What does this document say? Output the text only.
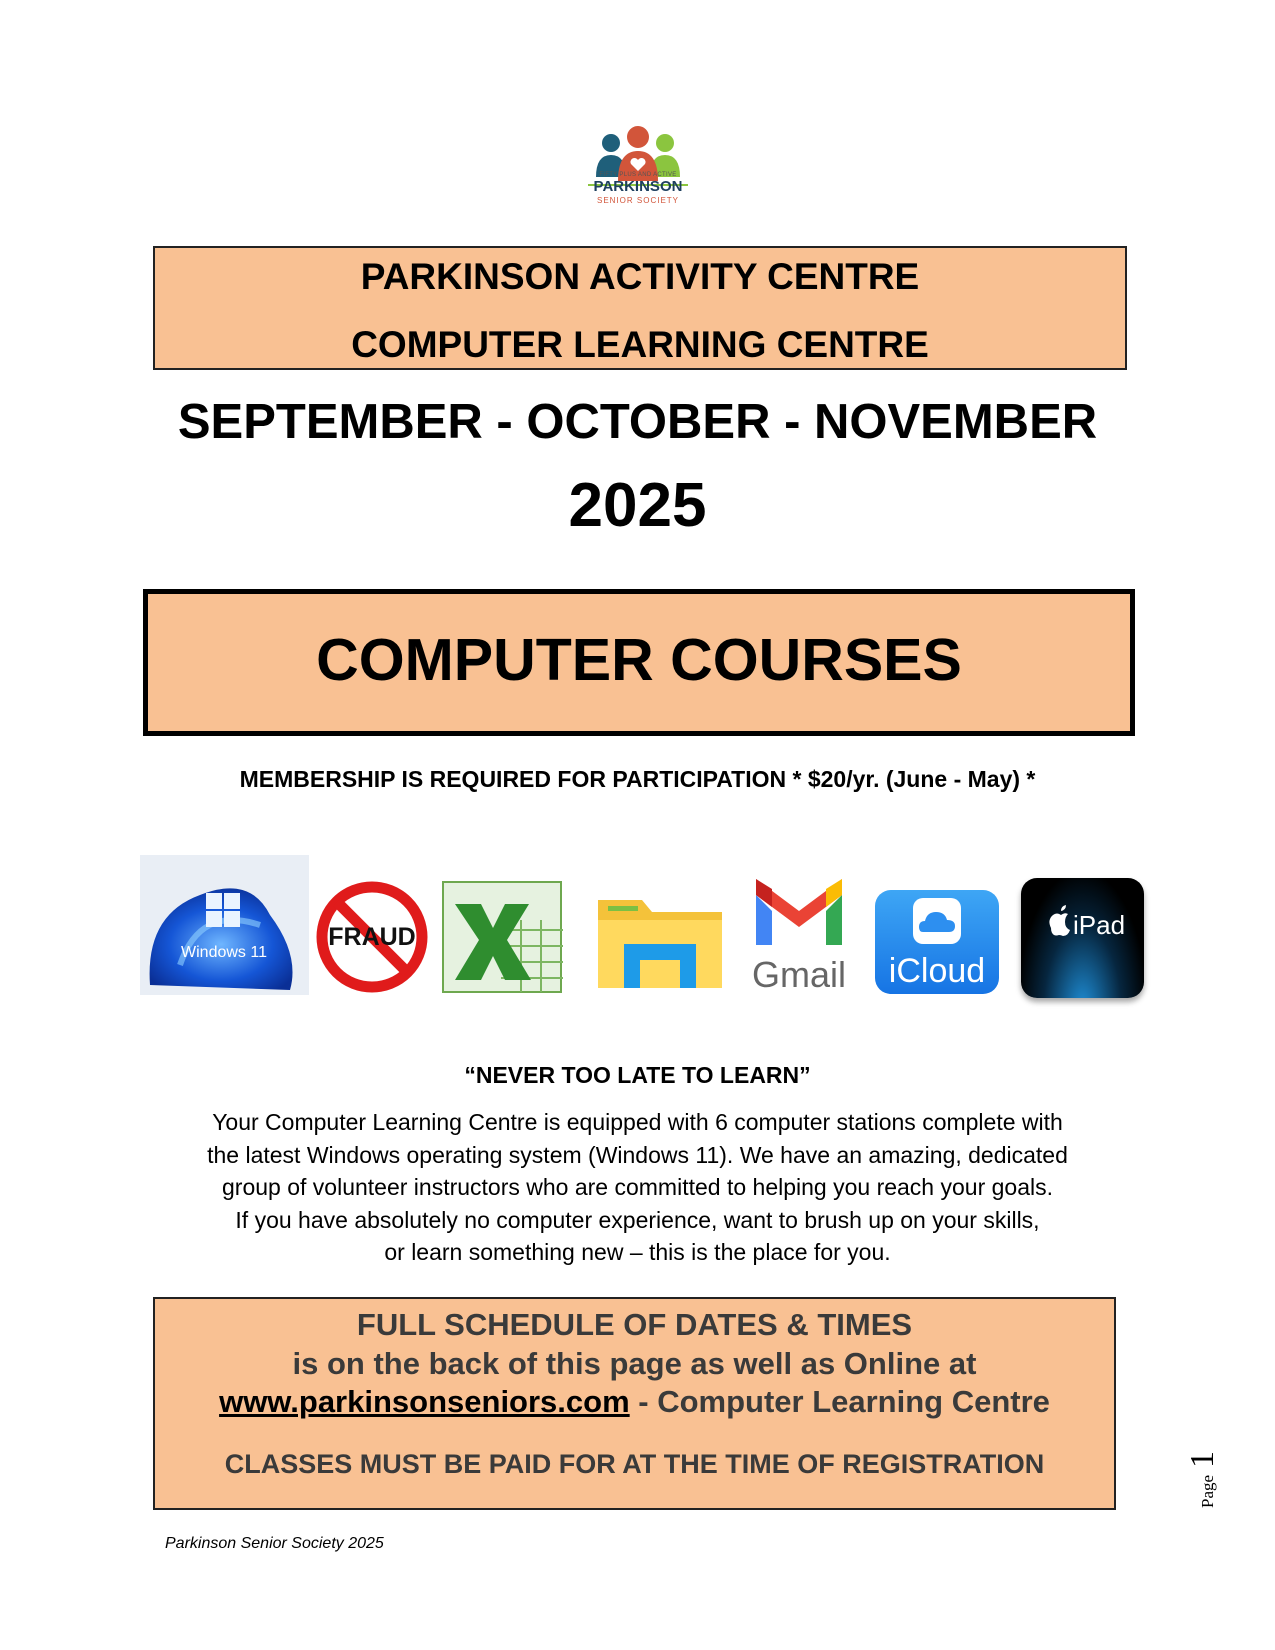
FIFTY PLUS AND ACTIVE
PARKINSON
SENIOR SOCIETY
PARKINSON ACTIVITY CENTRE
COMPUTER LEARNING CENTRE
SEPTEMBER - OCTOBER - NOVEMBER
2025
COMPUTER COURSES
MEMBERSHIP IS REQUIRED FOR PARTICIPATION * $20/yr. (June - May) *
Windows 11
FRAUD
Gmail iCloud
iPad
“NEVER TOO LATE TO LEARN”
Your Computer Learning Centre is equipped with 6 computer stations complete with
the latest Windows operating system (Windows 11). We have an amazing, dedicated
group of volunteer instructors who are committed to helping you reach your goals.
If you have absolutely no computer experience, want to brush up on your skills,
or learn something new – this is the place for you.
FULL SCHEDULE OF DATES & TIMES
is on the back of this page as well as Online at
www.parkinsonseniors.com - Computer Learning Centre
CLASSES MUST BE PAID FOR AT THE TIME OF REGISTRATION
Page
1
Parkinson Senior Society 2025
